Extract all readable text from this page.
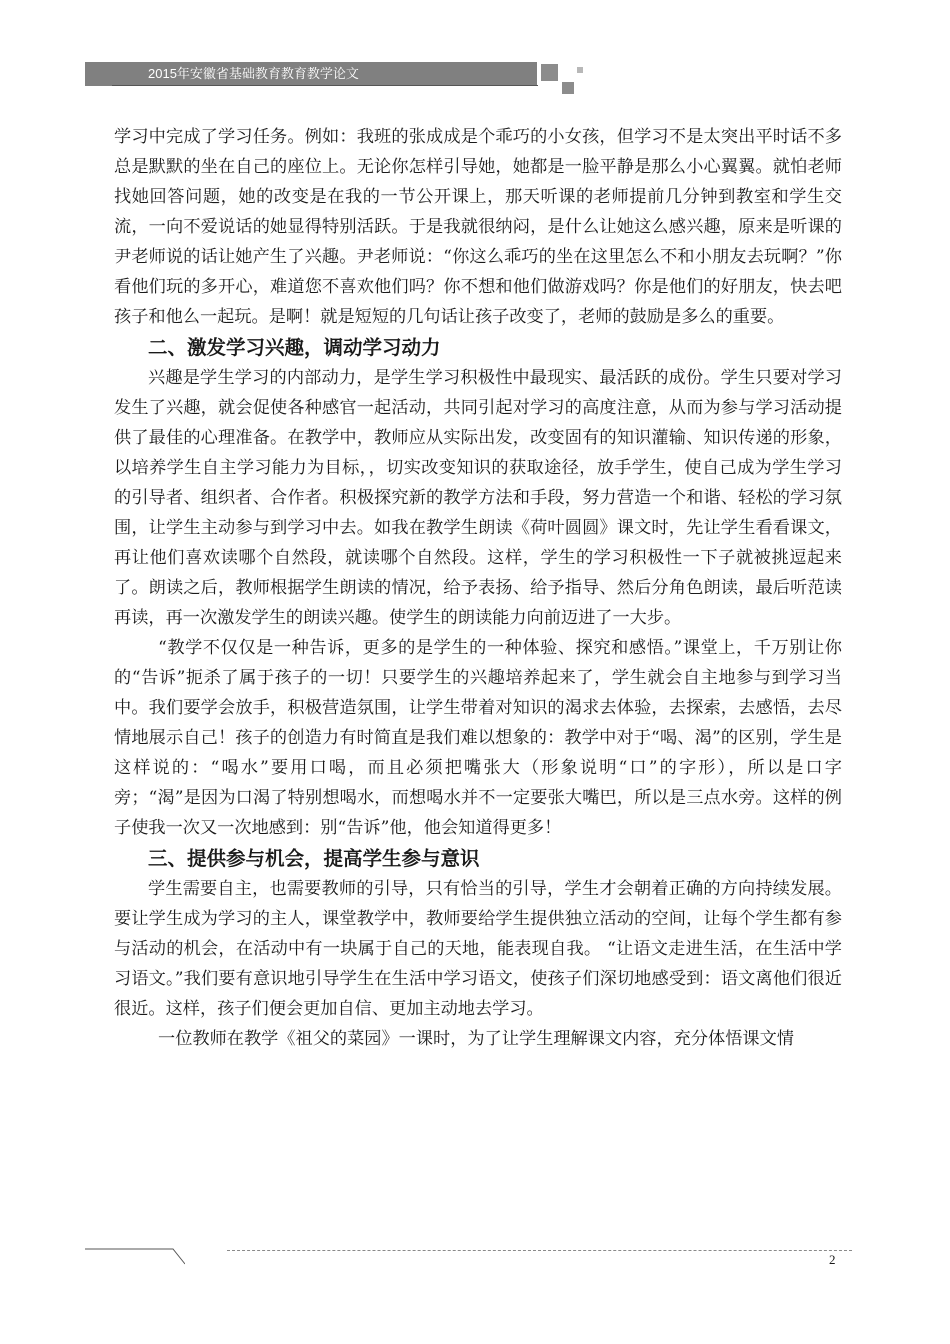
2015年安徽省基础教育教育教学论文

学习中完成了学习任务。例如：我班的张成成是个乖巧的小女孩，但学习不是太突出平时话不多总是默默的坐在自己的座位上。无论你怎样引导她，她都是一脸平静是那么小心翼翼。就怕老师找她回答问题，她的改变是在我的一节公开课上，那天听课的老师提前几分钟到教室和学生交流，一向不爱说话的她显得特别活跃。于是我就很纳闷，是什么让她这么感兴趣，原来是听课的尹老师说的话让她产生了兴趣。尹老师说：“你这么乖巧的坐在这里怎么不和小朋友去玩啊？”你看他们玩的多开心，难道您不喜欢他们吗？你不想和他们做游戏吗？你是他们的好朋友，快去吧孩子和他么一起玩。是啊！就是短短的几句话让孩子改变了，老师的鼓励是多么的重要。

二、激发学习兴趣，调动学习动力

兴趣是学生学习的内部动力，是学生学习积极性中最现实、最活跃的成份。学生只要对学习发生了兴趣，就会促使各种感官一起活动，共同引起对学习的高度注意，从而为参与学习活动提供了最佳的心理准备。在教学中，教师应从实际出发，改变固有的知识灌输、知识传递的形象，以培养学生自主学习能力为目标，，切实改变知识的获取途径，放手学生，使自己成为学生学习的引导者、组织者、合作者。积极探究新的教学方法和手段，努力营造一个和谐、轻松的学习氛围，让学生主动参与到学习中去。如我在教学生朗读《荷叶圆圆》课文时，先让学生看看课文，再让他们喜欢读哪个自然段，就读哪个自然段。这样，学生的学习积极性一下子就被挑逗起来了。朗读之后，教师根据学生朗读的情况，给予表扬、给予指导、然后分角色朗读，最后听范读再读，再一次激发学生的朗读兴趣。使学生的朗读能力向前迈进了一大步。

“教学不仅仅是一种告诉，更多的是学生的一种体验、探究和感悟。”课堂上，千万别让你的“告诉”扼杀了属于孩子的一切！只要学生的兴趣培养起来了，学生就会自主地参与到学习当中。我们要学会放手，积极营造氛围，让学生带着对知识的渴求去体验，去探索，去感悟，去尽情地展示自己！孩子的创造力有时简直是我们难以想象的：教学中对于“喝、渴”的区别，学生是这样说的：“喝水”要用口喝，而且必须把嘴张大（形象说明“口”的字形），所以是口字旁；“渴”是因为口渴了特别想喝水，而想喝水并不一定要张大嘴巴，所以是三点水旁。这样的例子使我一次又一次地感到：别“告诉”他，他会知道得更多！

三、提供参与机会，提高学生参与意识

学生需要自主，也需要教师的引导，只有恰当的引导，学生才会朝着正确的方向持续发展。要让学生成为学习的主人，课堂教学中，教师要给学生提供独立活动的空间，让每个学生都有参与活动的机会，在活动中有一块属于自己的天地，能表现自我。 “让语文走进生活，在生活中学习语文。”我们要有意识地引导学生在生活中学习语文，使孩子们深切地感受到：语文离他们很近很近。这样，孩子们便会更加自信、更加主动地去学习。

一位教师在教学《祖父的菜园》一课时，为了让学生理解课文内容，充分体悟课文情

2
